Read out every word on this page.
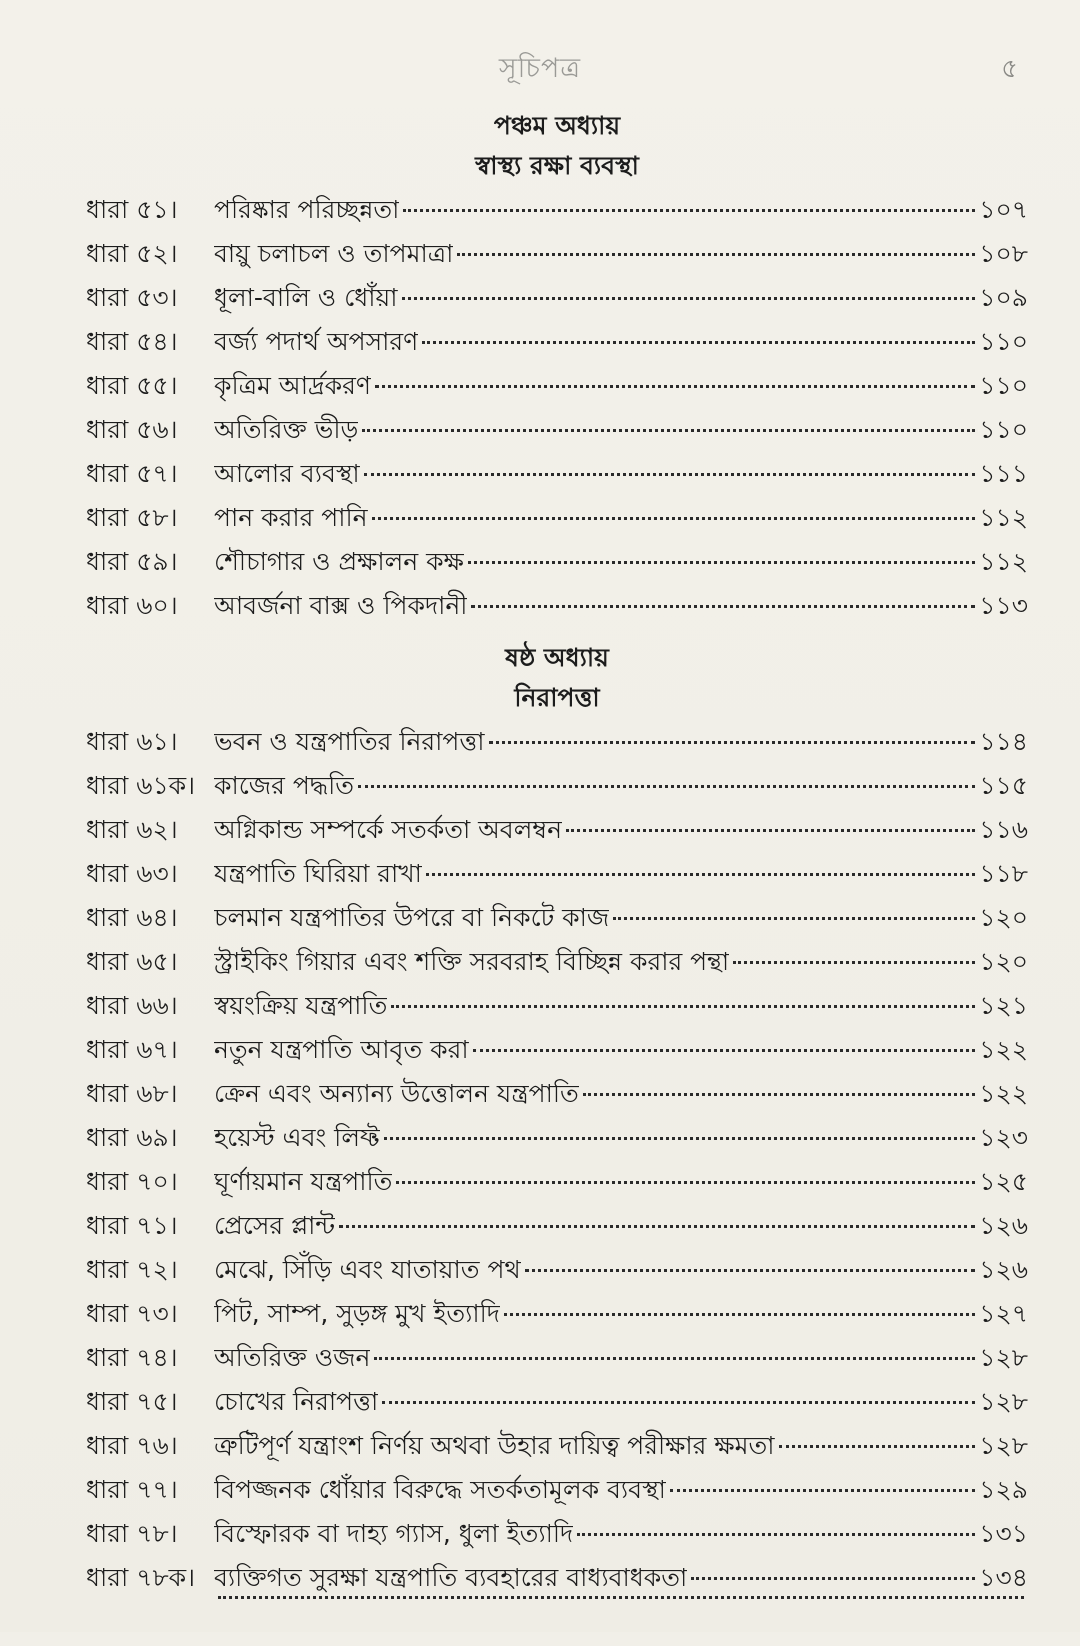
সূচিপত্র	৫
পঞ্চম অধ্যায়
স্বাস্থ্য রক্ষা ব্যবস্থা
ধারা ৫১।	পরিষ্কার পরিচ্ছন্নতা	১০৭
ধারা ৫২।	বায়ু চলাচল ও তাপমাত্রা	১০৮
ধারা ৫৩।	ধূলা-বালি ও ধোঁয়া	১০৯
ধারা ৫৪।	বর্জ্য পদার্থ অপসারণ	১১০
ধারা ৫৫।	কৃত্রিম আর্দ্রকরণ	১১০
ধারা ৫৬।	অতিরিক্ত ভীড়	১১০
ধারা ৫৭।	আলোর ব্যবস্থা	১১১
ধারা ৫৮।	পান করার পানি	১১২
ধারা ৫৯।	শৌচাগার ও প্রক্ষালন কক্ষ	১১২
ধারা ৬০।	আবর্জনা বাক্স ও পিকদানী	১১৩
ষষ্ঠ অধ্যায়
নিরাপত্তা
ধারা ৬১।	ভবন ও যন্ত্রপাতির নিরাপত্তা	১১৪
ধারা ৬১ক। কাজের পদ্ধতি	১১৫
ধারা ৬২।	অগ্নিকান্ড সম্পর্কে সতর্কতা অবলম্বন	১১৬
ধারা ৬৩।	যন্ত্রপাতি ঘিরিয়া রাখা	১১৮
ধারা ৬৪।	চলমান যন্ত্রপাতির উপরে বা নিকটে কাজ	১২০
ধারা ৬৫।	স্ট্রাইকিং গিয়ার এবং শক্তি সরবরাহ বিচ্ছিন্ন করার পন্থা	১২০
ধারা ৬৬।	স্বয়ংক্রিয় যন্ত্রপাতি	১২১
ধারা ৬৭।	নতুন যন্ত্রপাতি আবৃত করা	১২২
ধারা ৬৮।	ক্রেন এবং অন্যান্য উত্তোলন যন্ত্রপাতি	১২২
ধারা ৬৯।	হয়েস্ট এবং লিফ্ট	১২৩
ধারা ৭০।	ঘূর্ণায়মান যন্ত্রপাতি	১২৫
ধারা ৭১।	প্রেসের প্লান্ট	১২৬
ধারা ৭২।	মেঝে, সিঁড়ি এবং যাতায়াত পথ	১২৬
ধারা ৭৩।	পিট, সাম্প, সুড়ঙ্গ মুখ ইত্যাদি	১২৭
ধারা ৭৪।	অতিরিক্ত ওজন	১২৮
ধারা ৭৫।	চোখের নিরাপত্তা	১২৮
ধারা ৭৬।	ত্রুটিপূর্ণ যন্ত্রাংশ নির্ণয় অথবা উহার দায়িত্ব পরীক্ষার ক্ষমতা	১২৮
ধারা ৭৭।	বিপজ্জনক ধোঁয়ার বিরুদ্ধে সতর্কতামূলক ব্যবস্থা	১২৯
ধারা ৭৮।	বিস্ফোরক বা দাহ্য গ্যাস, ধুলা ইত্যাদি	১৩১
ধারা ৭৮ক। ব্যক্তিগত সুরক্ষা যন্ত্রপাতি ব্যবহারের বাধ্যবাধকতা	১৩৪
